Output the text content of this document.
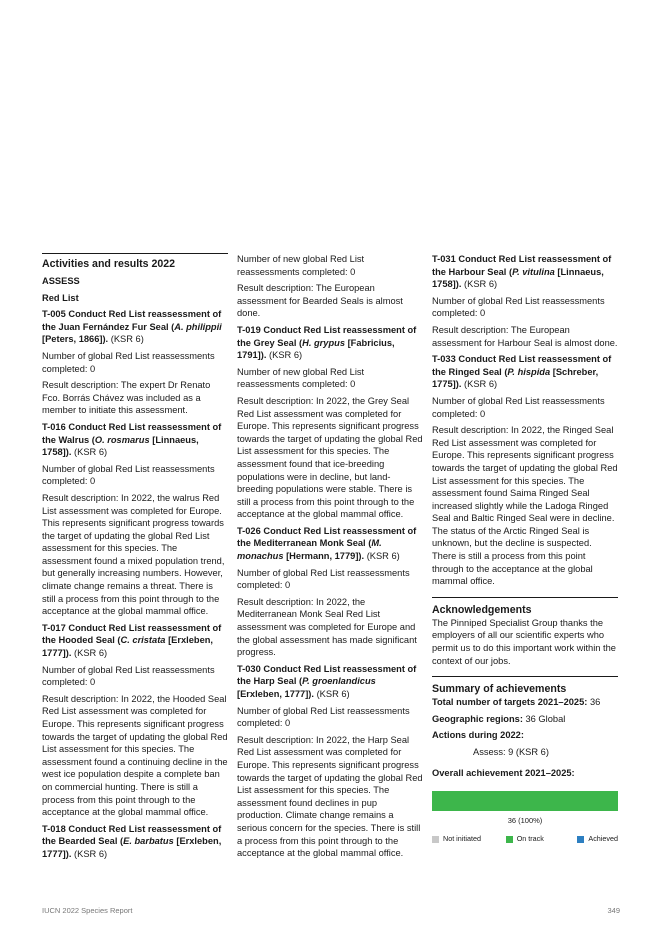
Activities and results 2022
ASSESS
Red List

T-005 Conduct Red List reassessment of the Juan Fernández Fur Seal (A. philippii [Peters, 1866]). (KSR 6)

Number of global Red List reassessments completed: 0

Result description: The expert Dr Renato Fco. Borrás Chávez was included as a member to initiate this assessment.

T-016 Conduct Red List reassessment of the Walrus (O. rosmarus [Linnaeus, 1758]). (KSR 6)

Number of global Red List reassessments completed: 0

Result description: In 2022, the walrus Red List assessment was completed for Europe. This represents significant progress towards the target of updating the global Red List assessment for this species. The assessment found a mixed population trend, but generally increasing numbers. However, climate change remains a threat. There is still a process from this point through to the acceptance at the global mammal office.

T-017 Conduct Red List reassessment of the Hooded Seal (C. cristata [Erxleben, 1777]). (KSR 6)

Number of global Red List reassessments completed: 0

Result description: In 2022, the Hooded Seal Red List assessment was completed for Europe. This represents significant progress towards the target of updating the global Red List assessment for this species. The assessment found a continuing decline in the west ice population despite a complete ban on commercial hunting. There is still a process from this point through to the acceptance at the global mammal office.

T-018 Conduct Red List reassessment of the Bearded Seal (E. barbatus [Erxleben, 1777]). (KSR 6)

Number of new global Red List reassessments completed: 0

Result description: The European assessment for Bearded Seals is almost done.

T-019 Conduct Red List reassessment of the Grey Seal (H. grypus [Fabricius, 1791]). (KSR 6)

Number of new global Red List reassessments completed: 0

Result description: In 2022, the Grey Seal Red List assessment was completed for Europe. This represents significant progress towards the target of updating the global Red List assessment for this species. The assessment found that ice-breeding populations were in decline, but land-breeding populations were stable. There is still a process from this point through to the acceptance at the global mammal office.

T-026 Conduct Red List reassessment of the Mediterranean Monk Seal (M. monachus [Hermann, 1779]). (KSR 6)

Number of global Red List reassessments completed: 0

Result description: In 2022, the Mediterranean Monk Seal Red List assessment was completed for Europe and the global assessment has made significant progress.

T-030 Conduct Red List reassessment of the Harp Seal (P. groenlandicus [Erxleben, 1777]). (KSR 6)

Number of global Red List reassessments completed: 0

Result description: In 2022, the Harp Seal Red List assessment was completed for Europe. This represents significant progress towards the target of updating the global Red List assessment for this species. The assessment found declines in pup production. Climate change remains a serious concern for the species. There is still a process from this point through to the acceptance at the global mammal office.

T-031 Conduct Red List reassessment of the Harbour Seal (P. vitulina [Linnaeus, 1758]). (KSR 6)

Number of global Red List reassessments completed: 0

Result description: The European assessment for Harbour Seal is almost done.

T-033 Conduct Red List reassessment of the Ringed Seal (P. hispida [Schreber, 1775]). (KSR 6)

Number of global Red List reassessments completed: 0

Result description: In 2022, the Ringed Seal Red List assessment was completed for Europe. This represents significant progress towards the target of updating the global Red List assessment for this species. The assessment found Saima Ringed Seal increased slightly while the Ladoga Ringed Seal and Baltic Ringed Seal were in decline. The status of the Arctic Ringed Seal is unknown, but the decline is suspected. There is still a process from this point through to the acceptance at the global mammal office.

Acknowledgements

The Pinniped Specialist Group thanks the employers of all our scientific experts who permit us to do this important work within the context of our jobs.

Summary of achievements

Total number of targets 2021–2025: 36

Geographic regions: 36 Global

Actions during 2022:

Assess: 9 (KSR 6)

Overall achievement 2021–2025:

36 (100%)
Not initiated	On track	Achieved
IUCN 2022 Species Report	349
